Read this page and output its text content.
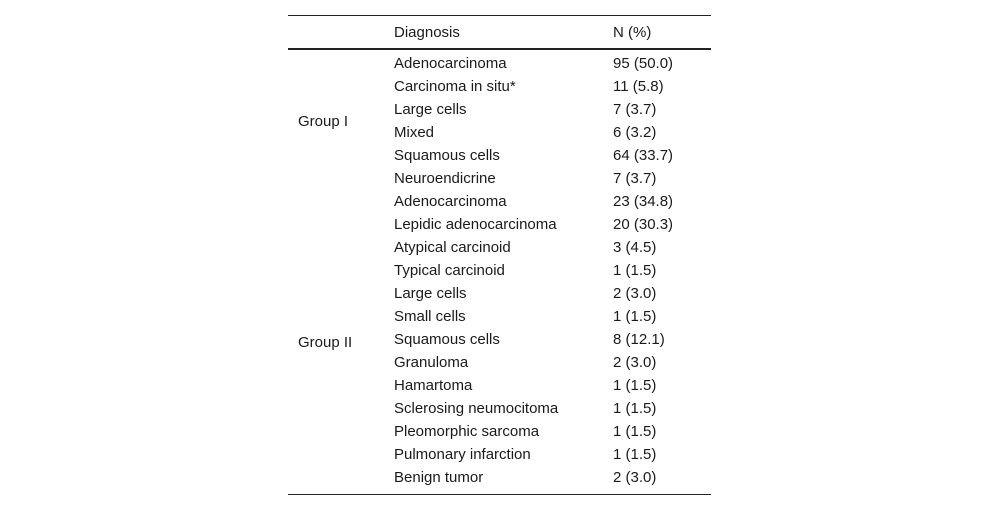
	Diagnosis	N (%)
Group I	Adenocarcinoma	95 (50.0)
	Carcinoma in situ*	11 (5.8)
	Large cells	7 (3.7)
	Mixed	6 (3.2)
	Squamous cells	64 (33.7)
	Neuroendicrine	7 (3.7)
Group II	Adenocarcinoma	23 (34.8)
	Lepidic adenocarcinoma	20 (30.3)
	Atypical carcinoid	3 (4.5)
	Typical carcinoid	1 (1.5)
	Large cells	2 (3.0)
	Small cells	1 (1.5)
	Squamous cells	8 (12.1)
	Granuloma	2 (3.0)
	Hamartoma	1 (1.5)
	Sclerosing neumocitoma	1 (1.5)
	Pleomorphic sarcoma	1 (1.5)
	Pulmonary infarction	1 (1.5)
	Benign tumor	2 (3.0)
